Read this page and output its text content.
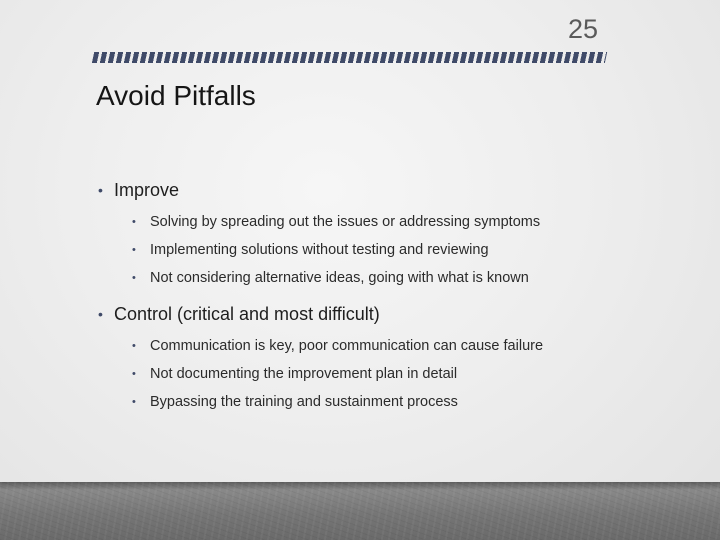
25
Avoid Pitfalls
• Improve
• Solving by spreading out the issues or addressing symptoms
• Implementing solutions without testing and reviewing
• Not considering alternative ideas, going with what is known
• Control (critical and most difficult)
• Communication is key, poor communication can cause failure
• Not documenting the improvement plan in detail
• Bypassing the training and sustainment process
